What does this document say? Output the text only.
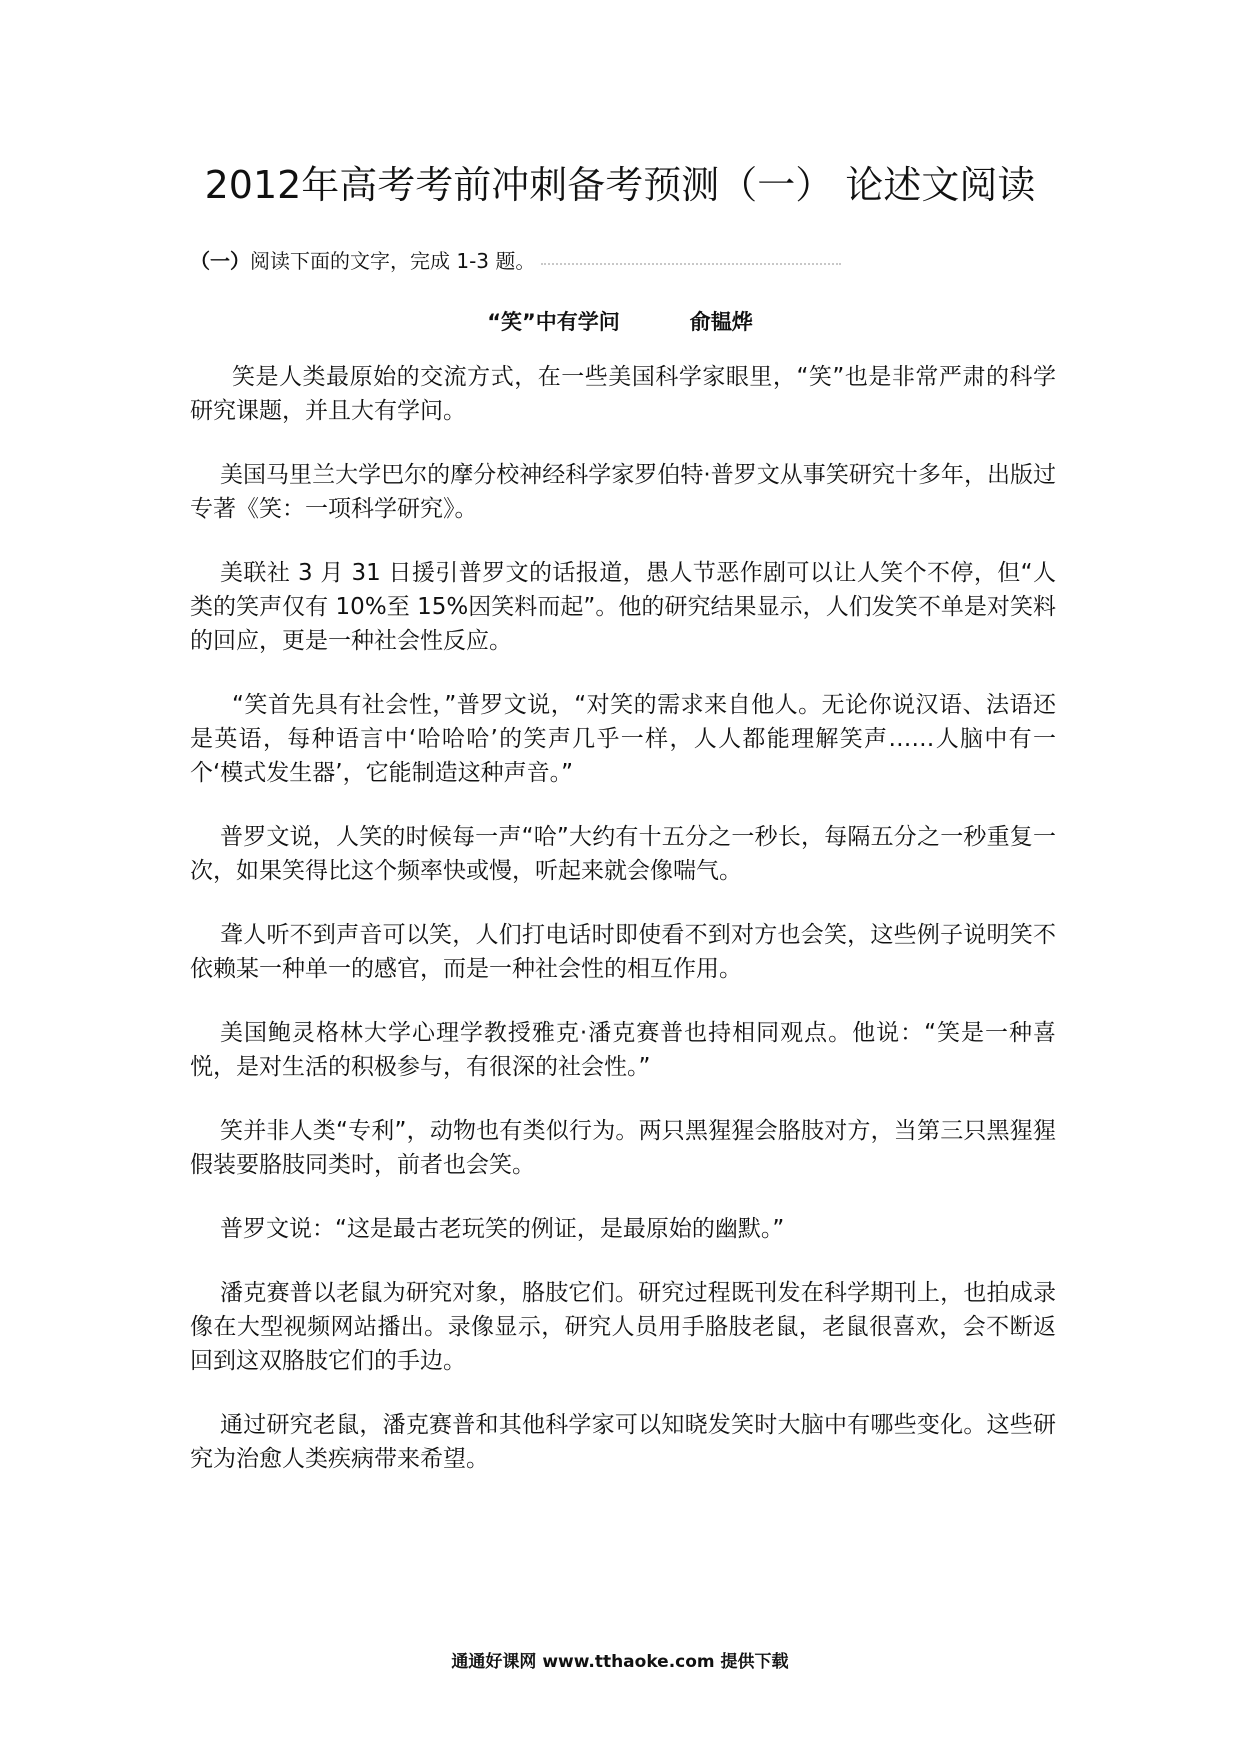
2012年高考考前冲刺备考预测（一） 论述文阅读
（一）阅读下面的文字，完成 1-3 题。
“笑”中有学问	俞韫烨

笑是人类最原始的交流方式，在一些美国科学家眼里，“笑”也是非常严肃的科学研究课题，并且大有学问。

美国马里兰大学巴尔的摩分校神经科学家罗伯特·普罗文从事笑研究十多年，出版过专著《笑：一项科学研究》。

美联社 3 月 31 日援引普罗文的话报道，愚人节恶作剧可以让人笑个不停，但“人类的笑声仅有 10%至 15%因笑料而起”。他的研究结果显示，人们发笑不单是对笑料的回应，更是一种社会性反应。

“笑首先具有社会性，”普罗文说，“对笑的需求来自他人。无论你说汉语、法语还是英语，每种语言中‘哈哈哈’的笑声几乎一样，人人都能理解笑声……人脑中有一个‘模式发生器’，它能制造这种声音。”

普罗文说，人笑的时候每一声“哈”大约有十五分之一秒长，每隔五分之一秒重复一次，如果笑得比这个频率快或慢，听起来就会像喘气。

聋人听不到声音可以笑，人们打电话时即使看不到对方也会笑，这些例子说明笑不依赖某一种单一的感官，而是一种社会性的相互作用。

美国鲍灵格林大学心理学教授雅克·潘克赛普也持相同观点。他说：“笑是一种喜悦，是对生活的积极参与，有很深的社会性。”

笑并非人类“专利”，动物也有类似行为。两只黑猩猩会胳肢对方，当第三只黑猩猩假装要胳肢同类时，前者也会笑。

普罗文说：“这是最古老玩笑的例证，是最原始的幽默。”

潘克赛普以老鼠为研究对象，胳肢它们。研究过程既刊发在科学期刊上，也拍成录像在大型视频网站播出。录像显示，研究人员用手胳肢老鼠，老鼠很喜欢，会不断返回到这双胳肢它们的手边。

通过研究老鼠，潘克赛普和其他科学家可以知晓发笑时大脑中有哪些变化。这些研究为治愈人类疾病带来希望。

通通好课网 www.tthaoke.com 提供下载
